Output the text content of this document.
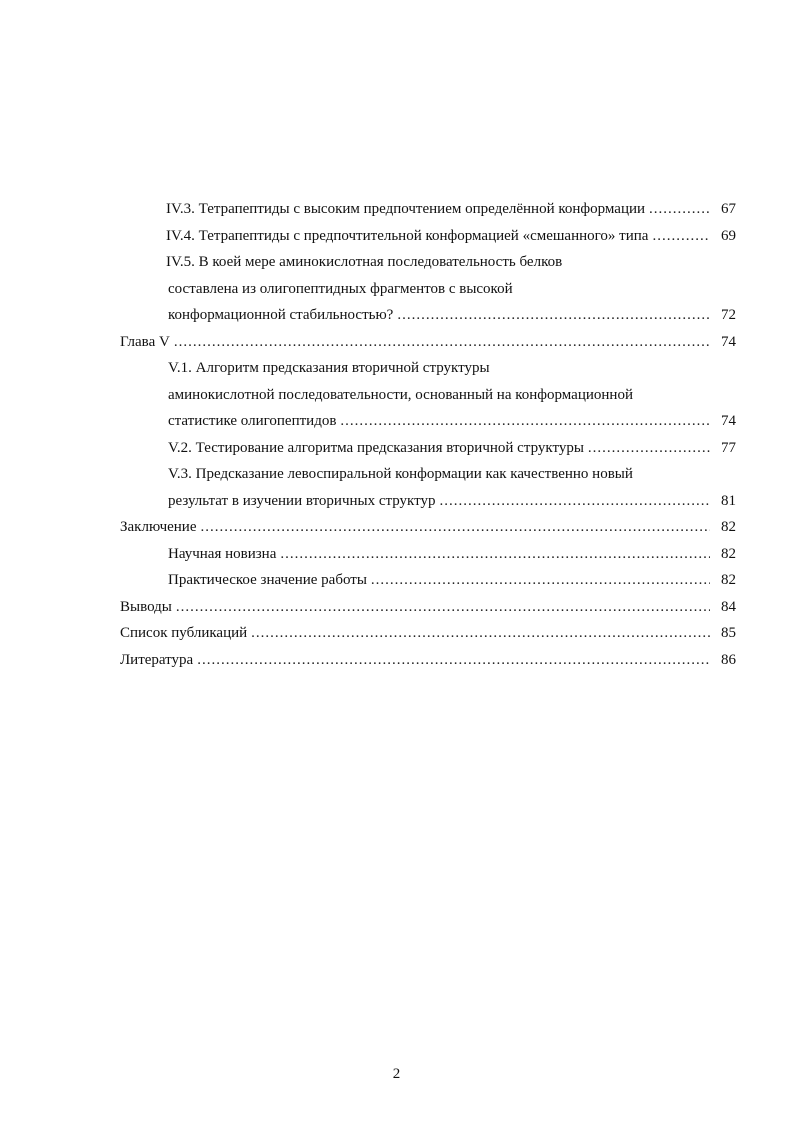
IV.3. Тетрапептиды с высоким предпочтением определённой конформации .....	67
IV.4. Тетрапептиды с предпочтительной конформацией «смешанного» типа .....	69
IV.5. В коей мере аминокислотная последовательность белков
составлена из олигопептидных фрагментов с высокой
конформационной стабильностью? .....	72
Глава V .....	74
V.1. Алгоритм предсказания вторичной структуры
аминокислотной последовательности, основанный на конформационной
статистике олигопептидов .....	74
V.2. Тестирование алгоритма предсказания вторичной структуры .....	77
V.3. Предсказание левоспиральной конформации как качественно новый
результат в изучении вторичных структур .....	81
Заключение .....	82
Научная новизна .....	82
Практическое значение работы .....	82
Выводы .....	84
Список публикаций .....	85
Литература .....	86
2
